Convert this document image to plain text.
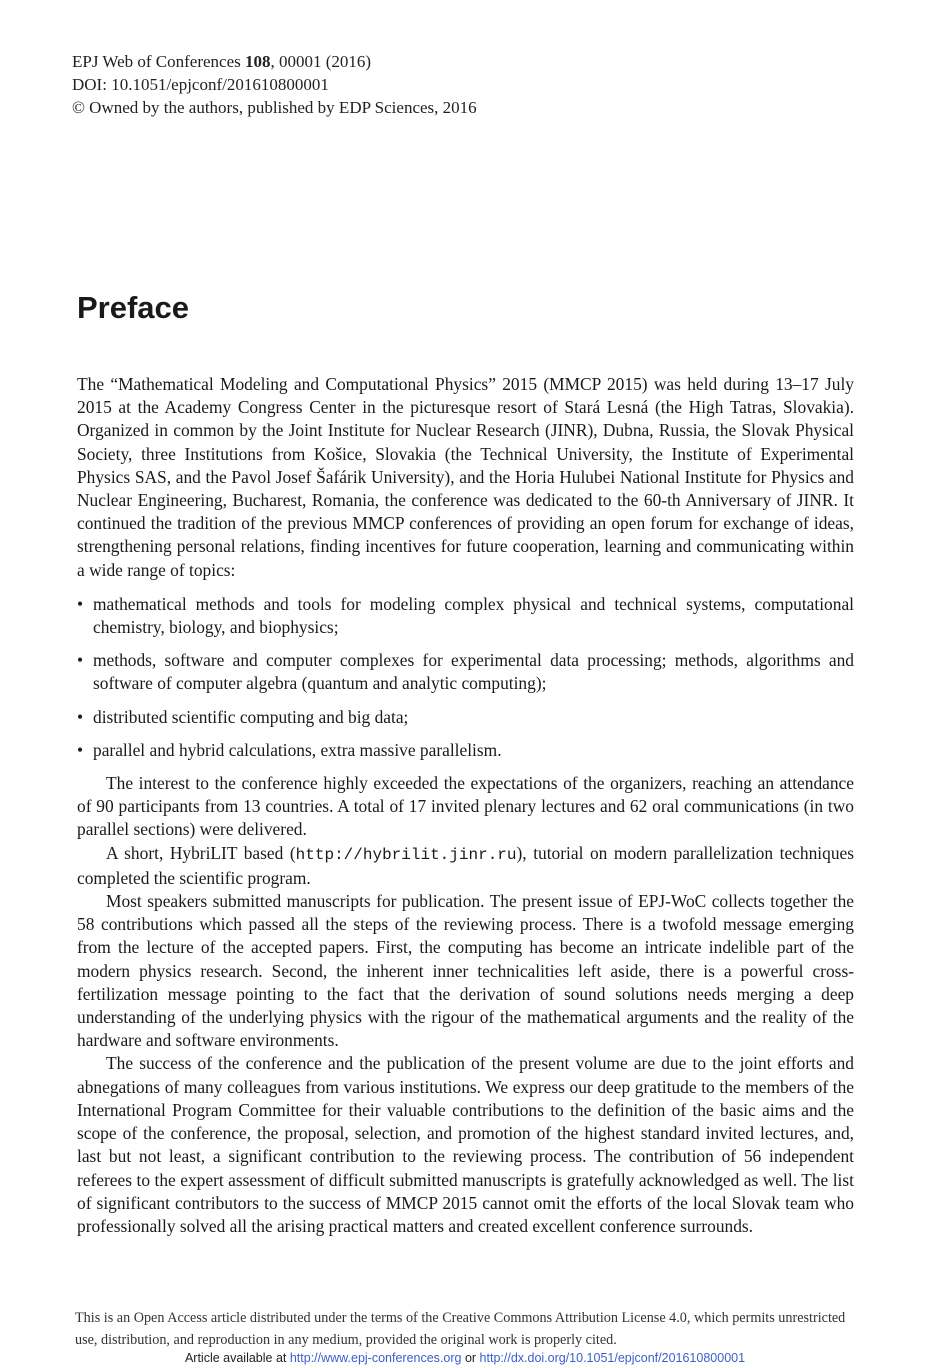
EPJ Web of Conferences 108, 00001 (2016)
DOI: 10.1051/epjconf/201610800001
© Owned by the authors, published by EDP Sciences, 2016
Preface

The “Mathematical Modeling and Computational Physics” 2015 (MMCP 2015) was held during 13–17 July 2015 at the Academy Congress Center in the picturesque resort of Stará Lesná (the High Tatras, Slovakia). Organized in common by the Joint Institute for Nuclear Research (JINR), Dubna, Russia, the Slovak Physical Society, three Institutions from Košice, Slovakia (the Technical University, the Institute of Experimental Physics SAS, and the Pavol Josef Šafárik University), and the Horia Hulubei National Institute for Physics and Nuclear Engineering, Bucharest, Romania, the conference was dedicated to the 60-th Anniversary of JINR. It continued the tradition of the previous MMCP conferences of providing an open forum for exchange of ideas, strengthening personal relations, finding incentives for future cooperation, learning and communicating within a wide range of topics:

• mathematical methods and tools for modeling complex physical and technical systems, computational chemistry, biology, and biophysics;
• methods, software and computer complexes for experimental data processing; methods, algorithms and software of computer algebra (quantum and analytic computing);
• distributed scientific computing and big data;
• parallel and hybrid calculations, extra massive parallelism.

The interest to the conference highly exceeded the expectations of the organizers, reaching an attendance of 90 participants from 13 countries. A total of 17 invited plenary lectures and 62 oral communications (in two parallel sections) were delivered.

A short, HybriLIT based (http://hybrilit.jinr.ru), tutorial on modern parallelization techniques completed the scientific program.

Most speakers submitted manuscripts for publication. The present issue of EPJ-WoC collects together the 58 contributions which passed all the steps of the reviewing process. There is a twofold message emerging from the lecture of the accepted papers. First, the computing has become an intricate indelible part of the modern physics research. Second, the inherent inner technicalities left aside, there is a powerful cross-fertilization message pointing to the fact that the derivation of sound solutions needs merging a deep understanding of the underlying physics with the rigour of the mathematical arguments and the reality of the hardware and software environments.

The success of the conference and the publication of the present volume are due to the joint efforts and abnegations of many colleagues from various institutions. We express our deep gratitude to the members of the International Program Committee for their valuable contributions to the definition of the basic aims and the scope of the conference, the proposal, selection, and promotion of the highest standard invited lectures, and, last but not least, a significant contribution to the reviewing process. The contribution of 56 independent referees to the expert assessment of difficult submitted manuscripts is gratefully acknowledged as well. The list of significant contributors to the success of MMCP 2015 cannot omit the efforts of the local Slovak team who professionally solved all the arising practical matters and created excellent conference surrounds.

This is an Open Access article distributed under the terms of the Creative Commons Attribution License 4.0, which permits unrestricted use, distribution, and reproduction in any medium, provided the original work is properly cited.
Article available at http://www.epj-conferences.org or http://dx.doi.org/10.1051/epjconf/201610800001
